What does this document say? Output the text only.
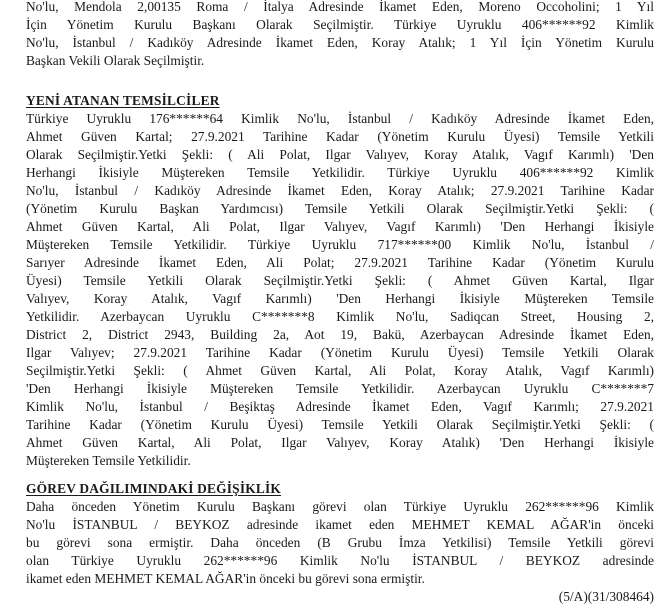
No'lu, Mendola 2,00135 Roma / İtalya Adresinde İkamet Eden, Moreno Occoholini; 1 Yıl
İçin Yönetim Kurulu Başkanı Olarak Seçilmiştir. Türkiye Uyruklu 406******92 Kimlik
No'lu, İstanbul / Kadıköy Adresinde İkamet Eden, Koray Atalık; 1 Yıl İçin Yönetim Kurulu
Başkan Vekili Olarak Seçilmiştir.
YENİ ATANAN TEMSİLCİLER
Türkiye Uyruklu 176******64 Kimlik No'lu, İstanbul / Kadıköy Adresinde İkamet Eden,
Ahmet Güven Kartal; 27.9.2021 Tarihine Kadar (Yönetim Kurulu Üyesi) Temsile Yetkili
Olarak Seçilmiştir.Yetki Şekli: ( Ali Polat, Ilgar Valıyev, Koray Atalık, Vagıf Karımlı) 'Den
Herhangi İkisiyle Müştereken Temsile Yetkilidir. Türkiye Uyruklu 406******92 Kimlik
No'lu, İstanbul / Kadıköy Adresinde İkamet Eden, Koray Atalık; 27.9.2021 Tarihine Kadar
(Yönetim Kurulu Başkan Yardımcısı) Temsile Yetkili Olarak Seçilmiştir.Yetki Şekli: (
Ahmet Güven Kartal, Ali Polat, Ilgar Valıyev, Vagıf Karımlı) 'Den Herhangi İkisiyle
Müştereken Temsile Yetkilidir. Türkiye Uyruklu 717******00 Kimlik No'lu, İstanbul /
Sarıyer Adresinde İkamet Eden, Ali Polat; 27.9.2021 Tarihine Kadar (Yönetim Kurulu
Üyesi) Temsile Yetkili Olarak Seçilmiştir.Yetki Şekli: ( Ahmet Güven Kartal, Ilgar
Valıyev, Koray Atalık, Vagıf Karımlı) 'Den Herhangi İkisiyle Müştereken Temsile
Yetkilidir. Azerbaycan Uyruklu C*******8 Kimlik No'lu, Sadiqcan Street, Housing 2,
District 2, District 2943, Building 2a, Aot 19, Bakü, Azerbaycan Adresinde İkamet Eden,
Ilgar Valıyev; 27.9.2021 Tarihine Kadar (Yönetim Kurulu Üyesi) Temsile Yetkili Olarak
Seçilmiştir.Yetki Şekli: ( Ahmet Güven Kartal, Ali Polat, Koray Atalık, Vagıf Karımlı)
'Den Herhangi İkisiyle Müştereken Temsile Yetkilidir. Azerbaycan Uyruklu C*******7
Kimlik No'lu, İstanbul / Beşiktaş Adresinde İkamet Eden, Vagıf Karımlı; 27.9.2021
Tarihine Kadar (Yönetim Kurulu Üyesi) Temsile Yetkili Olarak Seçilmiştir.Yetki Şekli: (
Ahmet Güven Kartal, Ali Polat, Ilgar Valıyev, Koray Atalık) 'Den Herhangi İkisiyle
Müştereken Temsile Yetkilidir.
GÖREV DAĞILIMINDAKİ DEĞİŞİKLİK
Daha önceden Yönetim Kurulu Başkanı görevi olan Türkiye Uyruklu 262******96 Kimlik
No'lu İSTANBUL / BEYKOZ adresinde ikamet eden MEHMET KEMAL AĞAR'in önceki
bu görevi sona ermiştir. Daha önceden (B Grubu İmza Yetkilisi) Temsile Yetkili görevi
olan Türkiye Uyruklu 262******96 Kimlik No'lu İSTANBUL / BEYKOZ adresinde
ikamet eden MEHMET KEMAL AĞAR'in önceki bu görevi sona ermiştir.
(5/A)(31/308464)
